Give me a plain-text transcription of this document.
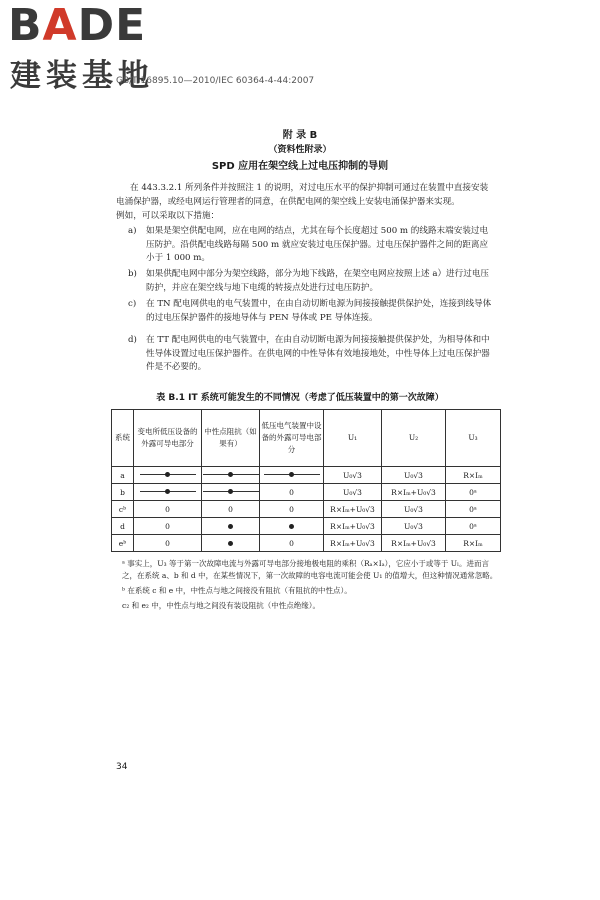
BADE
建装基地
GB/T 16895.10—2010/IEC 60364-4-44:2007
附 录 B
（资料性附录）
SPD 应用在架空线上过电压抑制的导则
在 443.3.2.1 所列条件并按照注 1 的说明，对过电压水平的保护抑制可通过在装置中直接安装电涌保护器，或经电网运行管理者的同意，在供配电网的架空线上安装电涌保护器来实现。
例如，可以采取以下措施：
a) 如果是架空供配电网，应在电网的结点，尤其在每个长度超过 500 m 的线路末端安装过电压防护。沿供配电线路每隔 500 m 就应安装过电压保护器。过电压保护器件之间的距离应小于 1 000 m。
b) 如果供配电网中部分为架空线路，部分为地下线路，在架空电网应按照上述 a）进行过电压防护，并应在架空线与地下电缆的转接点处进行过电压防护。
c) 在 TN 配电网供电的电气装置中，在由自动切断电源为间接接触提供保护处，连接到线导体的过电压保护器件的接地导体与 PEN 导体或 PE 导体连接。
d) 在 TT 配电网供电的电气装置中，在由自动切断电源为间接接触提供保护处，为相导体和中性导体设置过电压保护器件。在供电网的中性导体有效地接地处，中性导体上过电压保护器件是不必要的。
表 B.1 IT 系统可能发生的不同情况（考虑了低压装置中的第一次故障）
系统	变电所低压设备的外露可导电部分	中性点阻抗（如果有）	低压电气装置中设备的外露可导电部分	U₁	U₂	U₃
a				U₀√3	U₀√3	R×Iₘ
b			0	U₀√3	R×Iₘ+U₀√3	0ᵃ
cᵇ	0	0	0	R×Iₘ+U₀√3	U₀√3	0ᵃ
d	0			R×Iₘ+U₀√3	U₀√3	0ᵃ
eᵇ	0		0	R×Iₘ+U₀√3	R×Iₘ+U₀√3	R×Iₘ
ᵃ 事实上，U₃ 等于第一次故障电流与外露可导电部分接地极电阻的乘积（Rₐ×Iₐ），它应小于或等于 Uₗ。进而言之，在系统 a、b 和 d 中，在某些情况下，第一次故障的电容电流可能会使 U₁ 的值增大，但这种情况通常忽略。
ᵇ 在系统 c 和 e 中，中性点与地之间接没有阻抗（有阻抗的中性点）。
c₂ 和 e₂ 中，中性点与地之间没有装设阻抗（中性点绝缘）。
34
